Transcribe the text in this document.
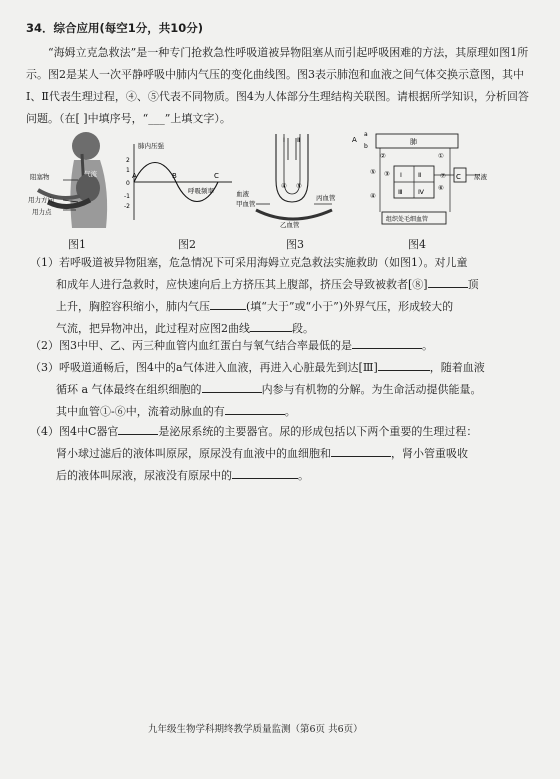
34．综合应用(每空1分，共10分)
“海姆立克急救法”是一种专门抢救急性呼吸道被异物阻塞从而引起呼吸困难的方法，其原理如图1所示。图2是某人一次平静呼吸中肺内气压的变化曲线图。图3表示肺泡和血液之间气体交换示意图，其中Ⅰ、Ⅱ代表生理过程，④、⑤代表不同物质。图4为人体部分生理结构关联图。请根据所学知识，分析回答问题。（在[ ]中填序号，“___”上填文字）。
阻塞物	气流
用力方向
用力点
图1
肺内压强
呼吸频率
A	B	C
2
1
0
-1
-2
图2
Ⅰ Ⅱ
血液
甲血管
④ ⑤
丙血管
乙血管
图3
A
a
b
②
肺
①
③
⑤
⑥
Ⅰ Ⅱ
Ⅲ Ⅳ
⑦ C 尿液
④
组织处毛细血管
图4
（1）若呼吸道被异物阻塞，危急情况下可采用海姆立克急救法实施救助（如图1）。对儿童
和成年人进行急救时，应快速向后上方挤压其上腹部，挤压会导致被救者[⑧]	顶
上升，胸腔容积缩小，肺内气压	(填“大于”或“小于”)外界气压，形成较大的
气流，把异物冲出，此过程对应图2曲线	段。
（2）图3中甲、乙、丙三种血管内血红蛋白与氧气结合率最低的是	。
（3）呼吸道通畅后，图4中的a气体进入血液，再进入心脏最先到达[Ⅲ]	，随着血液
循环 a 气体最终在组织细胞的	内参与有机物的分解。为生命活动提供能量。
其中血管①-⑥中，流着动脉血的有	。
（4）图4中C器官	是泌尿系统的主要器官。尿的形成包括以下两个重要的生理过程：
肾小球过滤后的液体叫原尿，原尿没有血液中的血细胞和	，肾小管重吸收
后的液体叫尿液，尿液没有原尿中的	。
九年级生物学科期终教学质量监测（第6页 共6页）
